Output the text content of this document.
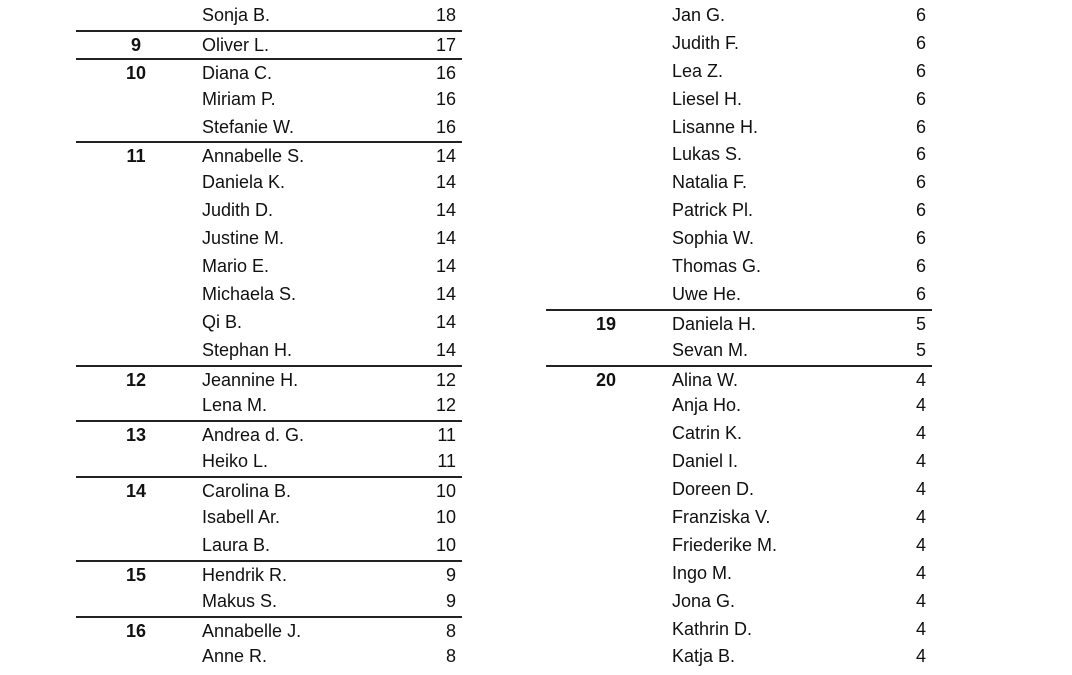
Sonja B.	18
9	Oliver L.	17
10	Diana C.	16
Miriam P.	16
Stefanie W.	16
11	Annabelle S.	14
Daniela K.	14
Judith D.	14
Justine M.	14
Mario E.	14
Michaela S.	14
Qi B.	14
Stephan H.	14
12	Jeannine H.	12
Lena M.	12
13	Andrea d. G.	11
Heiko L.	11
14	Carolina B.	10
Isabell Ar.	10
Laura B.	10
15	Hendrik R.	9
Makus S.	9
16	Annabelle J.	8
Anne R.	8
Jan G.	6
Judith F.	6
Lea Z.	6
Liesel H.	6
Lisanne H.	6
Lukas S.	6
Natalia F.	6
Patrick Pl.	6
Sophia W.	6
Thomas G.	6
Uwe He.	6
19	Daniela H.	5
Sevan M.	5
20	Alina W.	4
Anja Ho.	4
Catrin K.	4
Daniel I.	4
Doreen D.	4
Franziska V.	4
Friederike M.	4
Ingo M.	4
Jona G.	4
Kathrin D.	4
Katja B.	4
